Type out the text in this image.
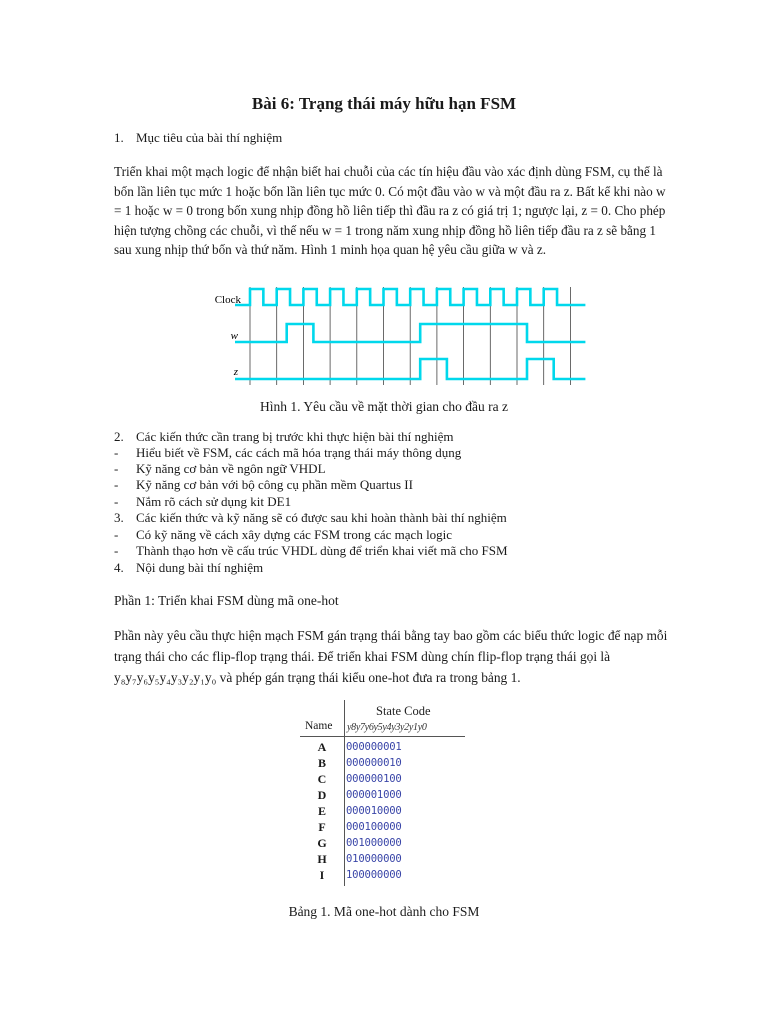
Bài 6: Trạng thái máy hữu hạn FSM
1. Mục tiêu của bài thí nghiệm
Triển khai một mạch logic để nhận biết hai chuỗi của các tín hiệu đầu vào xác định dùng FSM, cụ thể là
bốn lần liên tục mức 1 hoặc bốn lần liên tục mức 0. Có một đầu vào w và một đầu ra z. Bất kể khi nào w
= 1 hoặc w = 0 trong bốn xung nhịp đồng hồ liên tiếp thì đầu ra z có giá trị 1; ngược lại, z = 0. Cho phép
hiện tượng chồng các chuỗi, vì thế nếu w = 1 trong năm xung nhịp đồng hồ liên tiếp đầu ra z sẽ bằng 1
sau xung nhịp thứ bốn và thứ năm. Hình 1 minh họa quan hệ yêu cầu giữa w và z.
Clock
w
z
Hình 1. Yêu cầu về mặt thời gian cho đầu ra z
2. Các kiến thức cần trang bị trước khi thực hiện bài thí nghiệm
- Hiểu biết về FSM, các cách mã hóa trạng thái máy thông dụng
- Kỹ năng cơ bản về ngôn ngữ VHDL
- Kỹ năng cơ bản với bộ công cụ phần mềm Quartus II
- Nắm rõ cách sử dụng kit DE1
3. Các kiến thức và kỹ năng sẽ có được sau khi hoàn thành bài thí nghiệm
- Có kỹ năng về cách xây dựng các FSM trong các mạch logic
- Thành thạo hơn về cấu trúc VHDL dùng để triển khai viết mã cho FSM
4. Nội dung bài thí nghiệm
Phần 1: Triển khai FSM dùng mã one-hot
Phần này yêu cầu thực hiện mạch FSM gán trạng thái bằng tay bao gồm các biểu thức logic để nạp mỗi
trạng thái cho các flip-flop trạng thái. Để triển khai FSM dùng chín flip-flop trạng thái gọi là
y₈y₇y₆y₅y₄y₃y₂y₁y₀ và phép gán trạng thái kiểu one-hot đưa ra trong bảng 1.
State Code
Name y8y7y6y5y4y3y2y1y0
A	000000001
B	000000010
C	000000100
D	000001000
E	000010000
F	000100000
G	001000000
H	010000000
I	100000000
Bảng 1. Mã one-hot dành cho FSM
